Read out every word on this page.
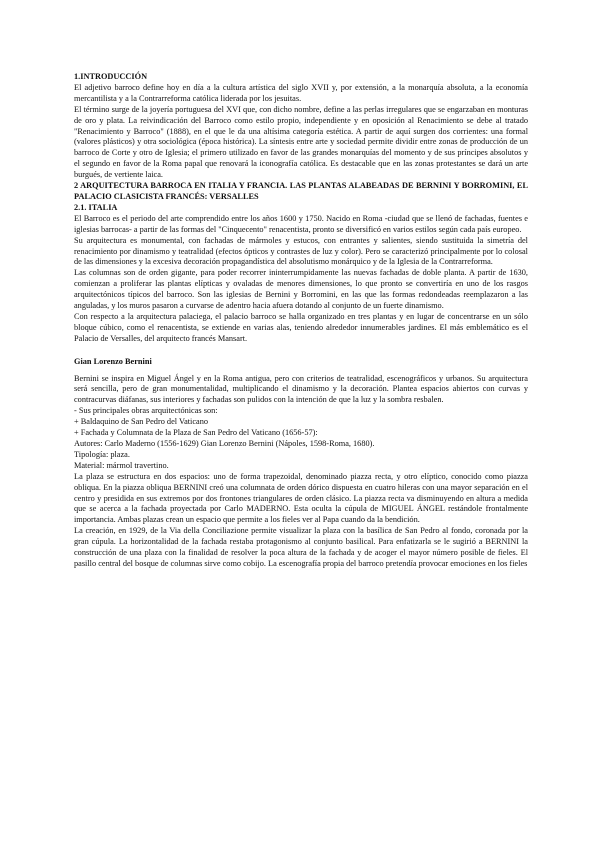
1.INTRODUCCIÓN

El adjetivo barroco define hoy en día a la cultura artística del siglo XVII y, por extensión, a la monarquía absoluta, a la economía mercantilista y a la Contrarreforma católica liderada por los jesuitas.

El término surge de la joyería portuguesa del XVI que, con dicho nombre, define a las perlas irregulares que se engarzaban en monturas de oro y plata. La reivindicación del Barroco como estilo propio, independiente y en oposición al Renacimiento se debe al tratado "Renacimiento y Barroco" (1888), en el que le da una altísima categoría estética. A partir de aquí surgen dos corrientes: una formal (valores plásticos) y otra sociológica (época histórica). La síntesis entre arte y sociedad permite dividir entre zonas de producción de un barroco de Corte y otro de Iglesia; el primero utilizado en favor de las grandes monarquías del momento y de sus príncipes absolutos y el segundo en favor de la Roma papal que renovará la iconografía católica. Es destacable que en las zonas protestantes se dará un arte burgués, de vertiente laica.

2 ARQUITECTURA BARROCA EN ITALIA Y FRANCIA. LAS PLANTAS ALABEADAS DE BERNINI Y BORROMINI, EL PALACIO CLASICISTA FRANCÉS: VERSALLES

2.1. ITALIA

El Barroco es el periodo del arte comprendido entre los años 1600 y 1750. Nacido en Roma -ciudad que se llenó de fachadas, fuentes e iglesias barrocas- a partir de las formas del "Cinquecento" renacentista, pronto se diversificó en varios estilos según cada país europeo.

Su arquitectura es monumental, con fachadas de mármoles y estucos, con entrantes y salientes, siendo sustituida la simetría del renacimiento por dinamismo y teatralidad (efectos ópticos y contrastes de luz y color). Pero se caracterizó principalmente por lo colosal de las dimensiones y la excesiva decoración propagandística del absolutismo monárquico y de la Iglesia de la Contrarreforma.

Las columnas son de orden gigante, para poder recorrer ininterrumpidamente las nuevas fachadas de doble planta. A partir de 1630, comienzan a proliferar las plantas elípticas y ovaladas de menores dimensiones, lo que pronto se convertiría en uno de los rasgos arquitectónicos típicos del barroco. Son las iglesias de Bernini y Borromini, en las que las formas redondeadas reemplazaron a las anguladas, y los muros pasaron a curvarse de adentro hacia afuera dotando al conjunto de un fuerte dinamismo.

Con respecto a la arquitectura palaciega, el palacio barroco se halla organizado en tres plantas y en lugar de concentrarse en un sólo bloque cúbico, como el renacentista, se extiende en varias alas, teniendo alrededor innumerables jardines. El más emblemático es el Palacio de Versalles, del arquitecto francés Mansart.

Gian Lorenzo Bernini

Bernini se inspira en Miguel Ángel y en la Roma antigua, pero con criterios de teatralidad, escenográficos y urbanos. Su arquitectura será sencilla, pero de gran monumentalidad, multiplicando el dinamismo y la decoración. Plantea espacios abiertos con curvas y contracurvas diáfanas, sus interiores y fachadas son pulidos con la intención de que la luz y la sombra resbalen.

- Sus principales obras arquitectónicas son:

+ Baldaquino de San Pedro del Vaticano

+ Fachada y Columnata de la Plaza de San Pedro del Vaticano (1656-57):

Autores: Carlo Maderno (1556-1629) Gian Lorenzo Bernini (Nápoles, 1598-Roma, 1680).

Tipología: plaza.

Material: mármol travertino.

La plaza se estructura en dos espacios: uno de forma trapezoidal, denominado piazza recta, y otro elíptico, conocido como piazza obliqua. En la piazza obliqua BERNINI creó una columnata de orden dórico dispuesta en cuatro hileras con una mayor separación en el centro y presidida en sus extremos por dos frontones triangulares de orden clásico. La piazza recta va disminuyendo en altura a medida que se acerca a la fachada proyectada por Carlo MADERNO. Esta oculta la cúpula de MIGUEL ÁNGEL restándole frontalmente importancia. Ambas plazas crean un espacio que permite a los fieles ver al Papa cuando da la bendición.

La creación, en 1929, de la Via della Conciliazione permite visualizar la plaza con la basílica de San Pedro al fondo, coronada por la gran cúpula. La horizontalidad de la fachada restaba protagonismo al conjunto basilical. Para enfatizarla se le sugirió a BERNINI la construcción de una plaza con la finalidad de resolver la poca altura de la fachada y de acoger el mayor número posible de fieles. El pasillo central del bosque de columnas sirve como cobijo. La escenografía propia del barroco pretendía provocar emociones en los fieles
